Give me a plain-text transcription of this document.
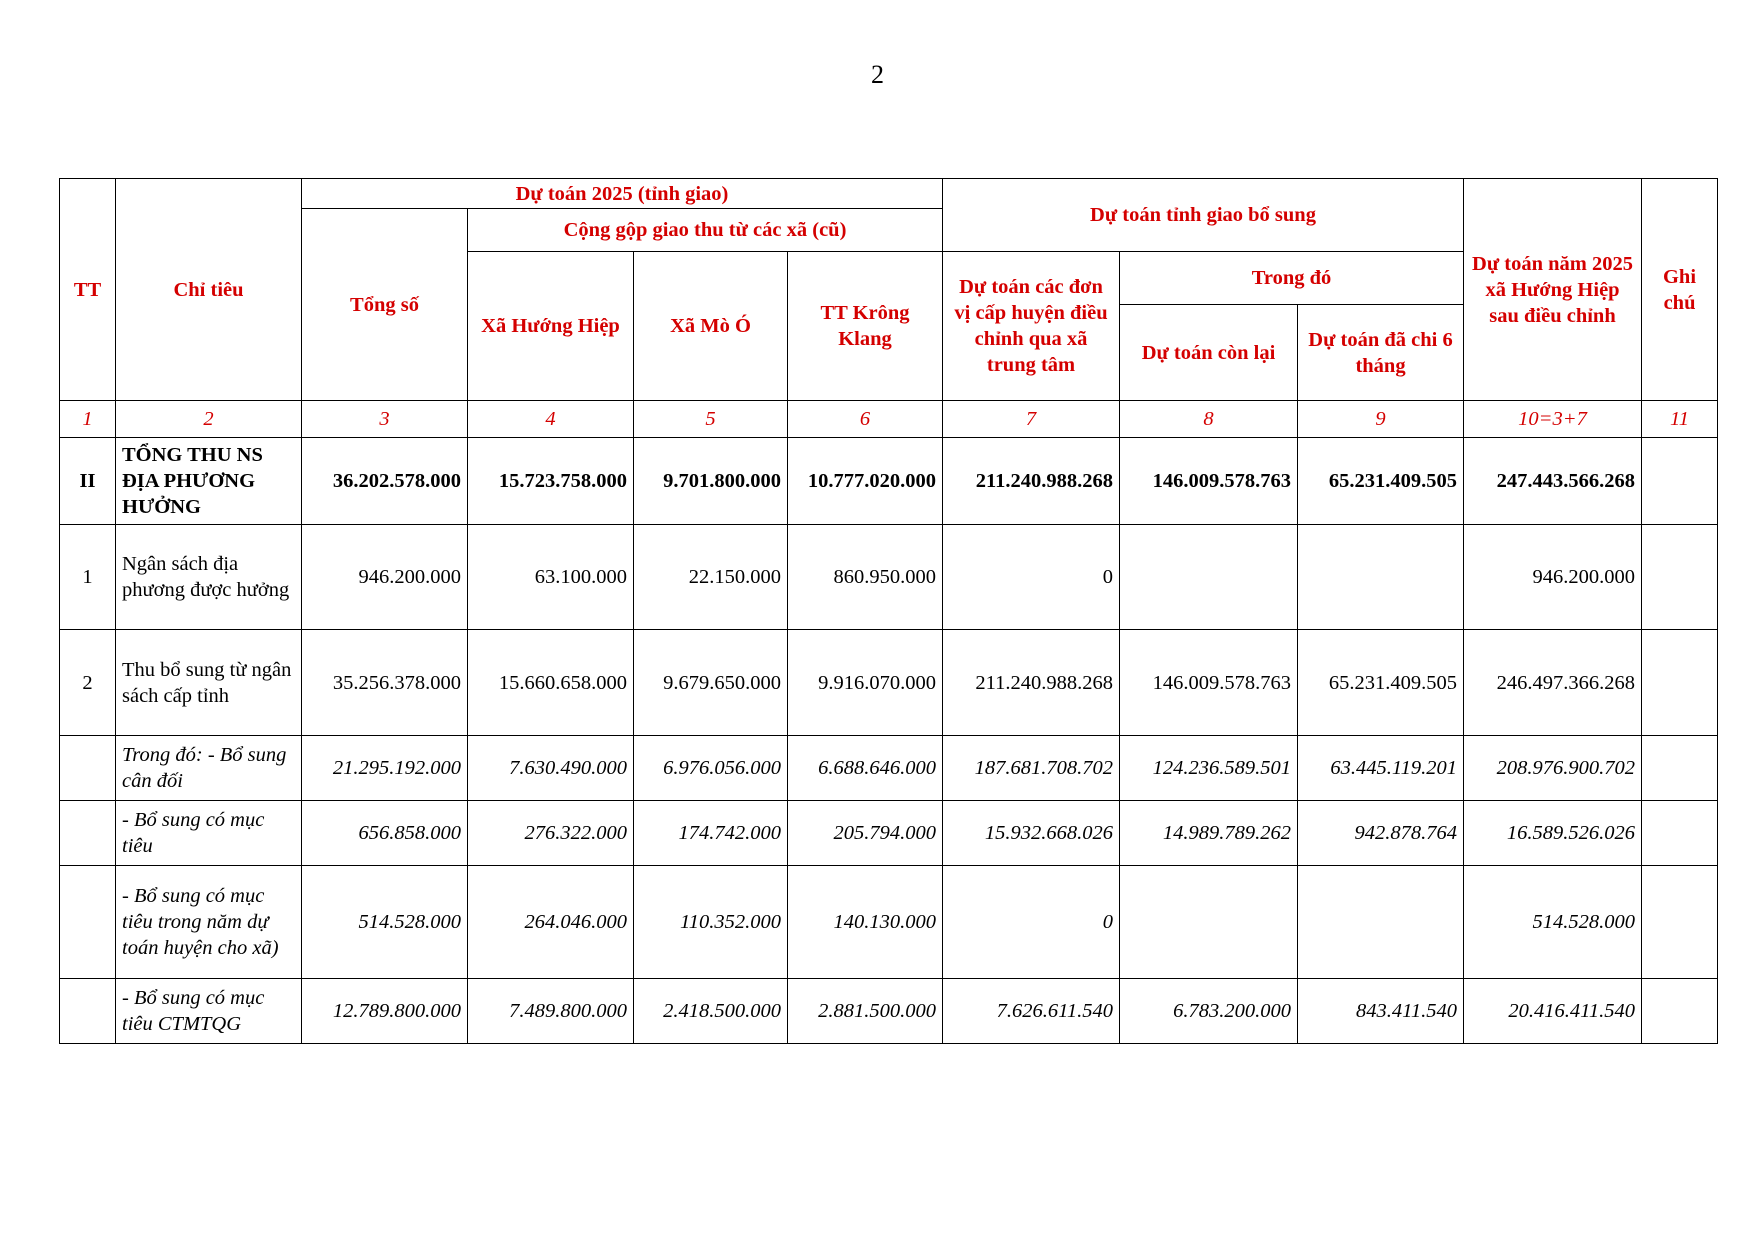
2
TT	Chỉ tiêu	Dự toán 2025 (tỉnh giao)				Dự toán tỉnh giao bổ sung			Dự toán năm 2025 xã Hướng Hiệp sau điều chỉnh	Ghi chú
		Tổng số	Cộng gộp giao thu từ các xã (cũ)							
			Xã Hướng Hiệp	Xã Mò Ó	TT Krông Klang	Dự toán các đơn vị cấp huyện điều chỉnh qua xã trung tâm	Trong đó			
							Dự toán còn lại	Dự toán đã chi 6 tháng		
1	2	3	4	5	6	7	8	9	10=3+7	11
II	TỔNG THU NS ĐỊA PHƯƠNG HƯỞNG	36.202.578.000	15.723.758.000	9.701.800.000	10.777.020.000	211.240.988.268	146.009.578.763	65.231.409.505	247.443.566.268	
1	Ngân sách địa phương được hưởng	946.200.000	63.100.000	22.150.000	860.950.000	0			946.200.000	
2	Thu bổ sung từ ngân sách cấp tỉnh	35.256.378.000	15.660.658.000	9.679.650.000	9.916.070.000	211.240.988.268	146.009.578.763	65.231.409.505	246.497.366.268	
	Trong đó: - Bổ sung cân đối	21.295.192.000	7.630.490.000	6.976.056.000	6.688.646.000	187.681.708.702	124.236.589.501	63.445.119.201	208.976.900.702	
	- Bổ sung có mục tiêu	656.858.000	276.322.000	174.742.000	205.794.000	15.932.668.026	14.989.789.262	942.878.764	16.589.526.026	
	- Bổ sung có mục tiêu trong năm dự toán huyện cho xã)	514.528.000	264.046.000	110.352.000	140.130.000	0			514.528.000	
	- Bổ sung có mục tiêu CTMTQG	12.789.800.000	7.489.800.000	2.418.500.000	2.881.500.000	7.626.611.540	6.783.200.000	843.411.540	20.416.411.540	
